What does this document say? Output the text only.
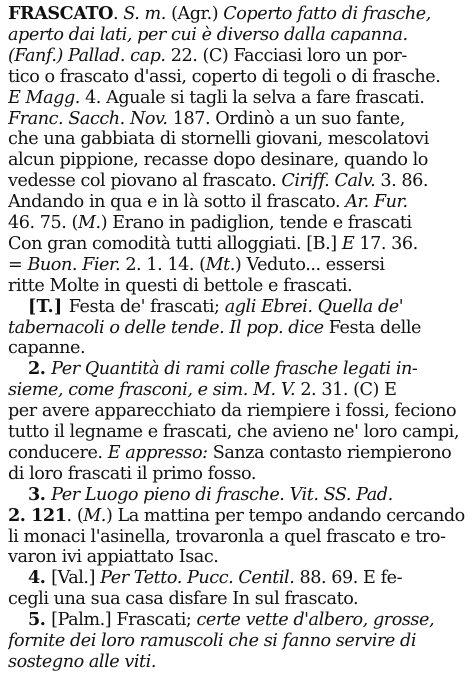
FRASCATO. S. m. (Agr.) Coperto fatto di frasche,
aperto dai lati, per cui è diverso dalla capanna.
(Fanf.) Pallad. cap. 22. (C) Facciasi loro un por-
tico o frascato d'assi, coperto di tegoli o di frasche.
E Magg. 4. Aguale si tagli la selva a fare frascati.
Franc. Sacch. Nov. 187. Ordinò a un suo fante,
che una gabbiata di stornelli giovani, mescolatovi
alcun pippione, recasse dopo desinare, quando lo
vedesse col piovano al frascato. Ciriff. Calv. 3. 86.
Andando in qua e in là sotto il frascato. Ar. Fur.
46. 75. (M.) Erano in padiglion, tende e frascati
Con gran comodità tutti alloggiati. [B.] E 17. 36.
= Buon. Fier. 2. 1. 14. (Mt.) Veduto... essersi
ritte Molte in questi di bettole e frascati.
[T.] Festa de' frascati; agli Ebrei. Quella de'
tabernacoli o delle tende. Il pop. dice Festa delle
capanne.
2. Per Quantità di rami colle frasche legati in-
sieme, come frasconi, e sim. M. V. 2. 31. (C) E
per avere apparecchiato da riempiere i fossi, feciono
tutto il legname e frascati, che avieno ne' loro campi,
conducere. E appresso: Sanza contasto riempierono
di loro frascati il primo fosso.
3. Per Luogo pieno di frasche. Vit. SS. Pad.
2. 121. (M.) La mattina per tempo andando cercando
li monaci l'asinella, trovaronla a quel frascato e tro-
varon ivi appiattato Isac.
4. [Val.] Per Tetto. Pucc. Centil. 88. 69. E fe-
cegli una sua casa disfare In sul frascato.
5. [Palm.] Frascati; certe vette d'albero, grosse,
fornite dei loro ramuscoli che si fanno servire di
sostegno alle viti.
